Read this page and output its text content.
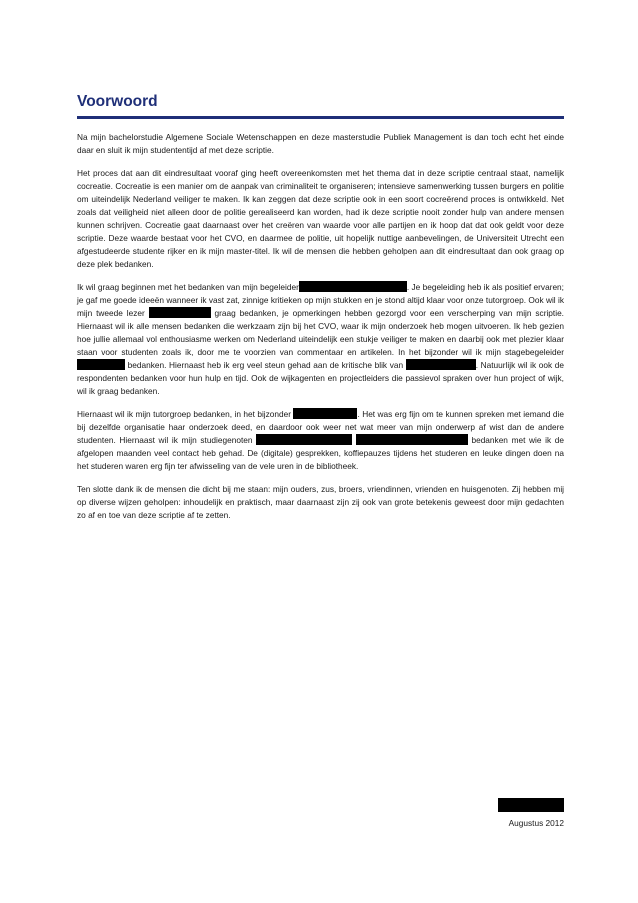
Voorwoord

Na mijn bachelorstudie Algemene Sociale Wetenschappen en deze masterstudie Publiek Management is dan toch echt het einde daar en sluit ik mijn studententijd af met deze scriptie.

Het proces dat aan dit eindresultaat vooraf ging heeft overeenkomsten met het thema dat in deze scriptie centraal staat, namelijk cocreatie. Cocreatie is een manier om de aanpak van criminaliteit te organiseren; intensieve samenwerking tussen burgers en politie om uiteindelijk Nederland veiliger te maken. Ik kan zeggen dat deze scriptie ook in een soort cocreërend proces is ontwikkeld. Net zoals dat veiligheid niet alleen door de politie gerealiseerd kan worden, had ik deze scriptie nooit zonder hulp van andere mensen kunnen schrijven. Cocreatie gaat daarnaast over het creëren van waarde voor alle partijen en ik hoop dat dat ook geldt voor deze scriptie. Deze waarde bestaat voor het CVO, en daarmee de politie, uit hopelijk nuttige aanbevelingen, de Universiteit Utrecht een afgestudeerde studente rijker en ik mijn master-titel. Ik wil de mensen die hebben geholpen aan dit eindresultaat dan ook graag op deze plek bedanken.

Ik wil graag beginnen met het bedanken van mijn begeleider	. Je begeleiding heb ik als positief ervaren; je gaf me goede ideeën wanneer ik vast zat, zinnige kritieken op mijn stukken en je stond altijd klaar voor onze tutorgroep. Ook wil ik mijn tweede lezer	graag bedanken, je opmerkingen hebben gezorgd voor een verscherping van mijn scriptie. Hiernaast wil ik alle mensen bedanken die werkzaam zijn bij het CVO, waar ik mijn onderzoek heb mogen uitvoeren. Ik heb gezien hoe jullie allemaal vol enthousiasme werken om Nederland uiteindelijk een stukje veiliger te maken en daarbij ook met plezier klaar staan voor studenten zoals ik, door me te voorzien van commentaar en artikelen. In het bijzonder wil ik mijn stagebegeleider  bedanken. Hiernaast heb ik erg veel steun gehad aan de kritische blik van	. Natuurlijk wil ik ook de respondenten bedanken voor hun hulp en tijd. Ook de wijkagenten en projectleiders die passievol spraken over hun project of wijk, wil ik graag bedanken.

Hiernaast wil ik mijn tutorgroep bedanken, in het bijzonder	. Het was erg fijn om te kunnen spreken met iemand die bij dezelfde organisatie haar onderzoek deed, en daardoor ook weer net wat meer van mijn onderwerp af wist dan de andere studenten. Hiernaast wil ik mijn studiegenoten	bedanken met wie ik de afgelopen maanden veel contact heb gehad. De (digitale) gesprekken, koffiepauzes tijdens het studeren en leuke dingen doen na het studeren waren erg fijn ter afwisseling van de vele uren in de bibliotheek.

Ten slotte dank ik de mensen die dicht bij me staan: mijn ouders, zus, broers, vriendinnen, vrienden en huisgenoten. Zij hebben mij op diverse wijzen geholpen: inhoudelijk en praktisch, maar daarnaast zijn zij ook van grote betekenis geweest door mijn gedachten zo af en toe van deze scriptie af te zetten.

Augustus 2012
